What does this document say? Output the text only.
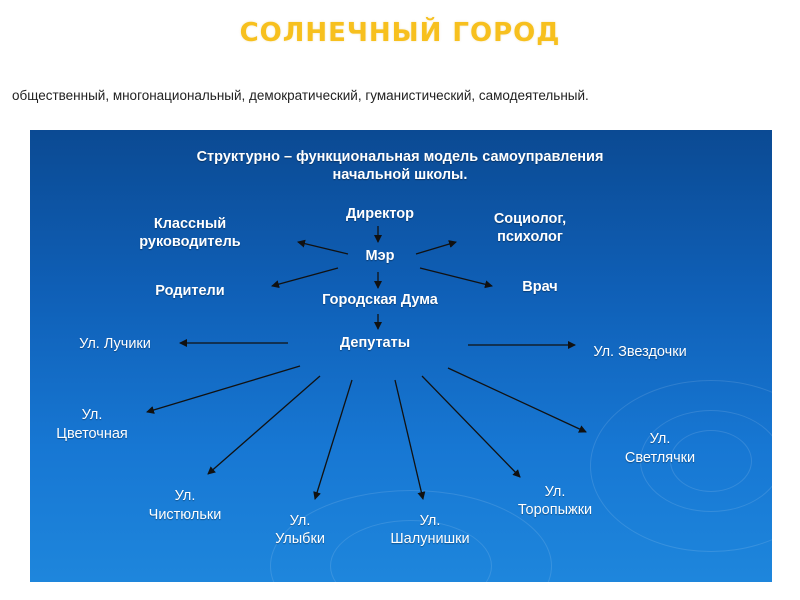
СОЛНЕЧНЫЙ ГОРОД
общественный, многонациональный, демократический, гуманистический, самодеятельный.
Структурно – функциональная модель самоуправления
начальной школы.
Директор
Мэр
Классный
руководитель
Социолог,
психолог
Родители	Врач
Городская Дума
Депутаты
Ул. Лучики	Ул. Звездочки
Ул.
Цветочная	Ул.
Светлячки
Ул.
Чистюльки	Ул.
Улыбки
Ул.
Шалунишки
Ул.
Торопыжки
